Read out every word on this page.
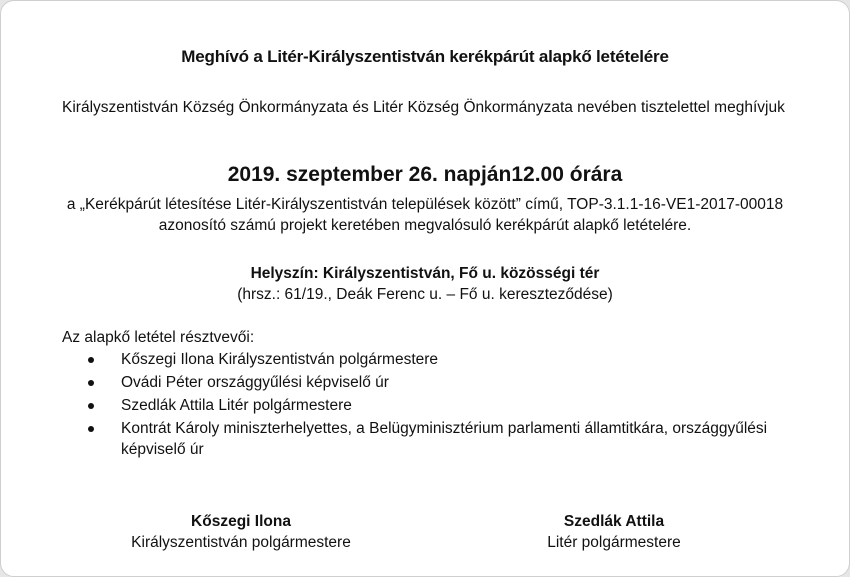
Meghívó a Litér-Királyszentistván kerékpárút alapkő letételére
Királyszentistván Község Önkormányzata és Litér Község Önkormányzata nevében tisztelettel meghívjuk
2019. szeptember 26. napján12.00 órára
a „Kerékpárút létesítése Litér-Királyszentistván települések között” című, TOP-3.1.1-16-VE1-2017-00018 azonosító számú projekt keretében megvalósuló kerékpárút alapkő letételére.
Helyszín: Királyszentistván, Fő u. közösségi tér
(hrsz.: 61/19., Deák Ferenc u. – Fő u. kereszteződése)
Az alapkő letétel résztvevői:
Kőszegi Ilona Királyszentistván polgármestere
Ovádi Péter országgyűlési képviselő úr
Szedlák Attila Litér polgármestere
Kontrát Károly miniszterhelyettes, a Belügyminisztérium parlamenti államtitkára, országgyűlési képviselő úr
Kőszegi Ilona
Királyszentistván polgármestere
Szedlák Attila
Litér polgármestere
